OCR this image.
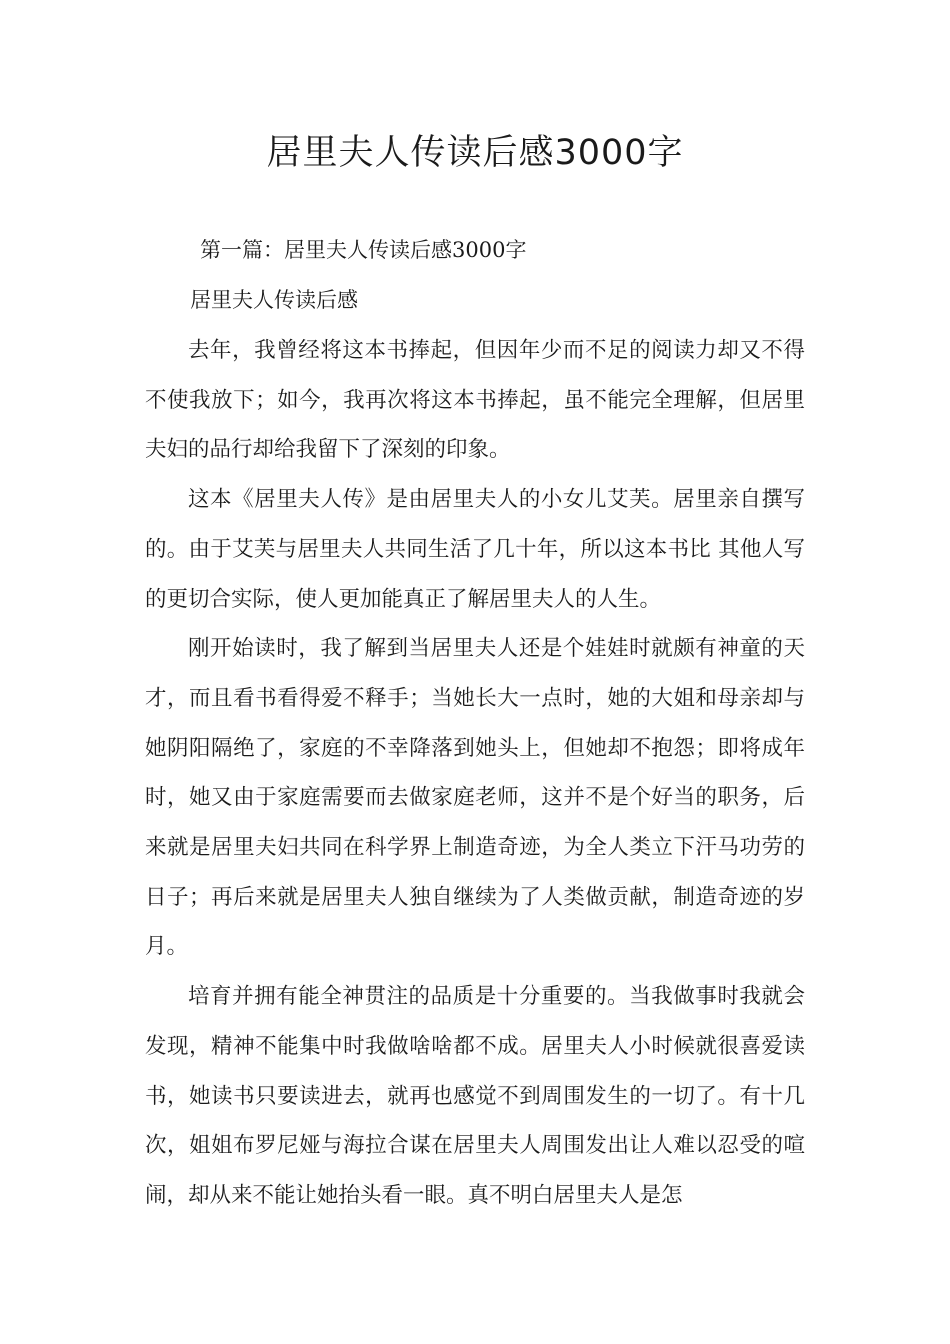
居里夫人传读后感3000字

第一篇：居里夫人传读后感3000字

居里夫人传读后感

去年，我曾经将这本书捧起，但因年少而不足的阅读力却又不得不使我放下；如今，我再次将这本书捧起，虽不能完全理解，但居里夫妇的品行却给我留下了深刻的印象。

这本《居里夫人传》是由居里夫人的小女儿艾芙。居里亲自撰写的。由于艾芙与居里夫人共同生活了几十年，所以这本书比 其他人写的更切合实际，使人更加能真正了解居里夫人的人生。

刚开始读时，我了解到当居里夫人还是个娃娃时就颇有神童的天才，而且看书看得爱不释手；当她长大一点时，她的大姐和母亲却与她阴阳隔绝了，家庭的不幸降落到她头上，但她却不抱怨；即将成年时，她又由于家庭需要而去做家庭老师，这并不是个好当的职务，后来就是居里夫妇共同在科学界上制造奇迹，为全人类立下汗马功劳的日子；再后来就是居里夫人独自继续为了人类做贡献，制造奇迹的岁月。

培育并拥有能全神贯注的品质是十分重要的。当我做事时我就会发现，精神不能集中时我做啥啥都不成。居里夫人小时候就很喜爱读书，她读书只要读进去，就再也感觉不到周围发生的一切了。有十几次，姐姐布罗尼娅与海拉合谋在居里夫人周围发出让人难以忍受的喧闹，却从来不能让她抬头看一眼。真不明白居里夫人是怎
